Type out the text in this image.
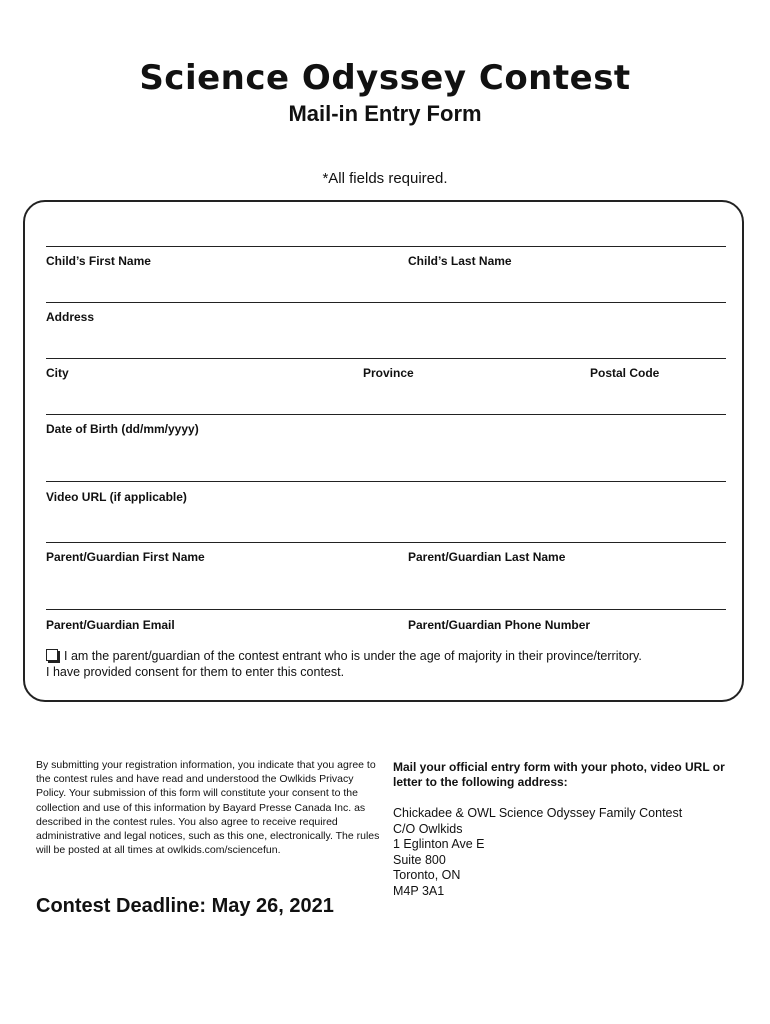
Science Odyssey Contest
Mail-in Entry Form
*All fields required.
Child’s First Name	Child’s Last Name
Address
City	Province	Postal Code
Date of Birth (dd/mm/yyyy)
Video URL (if applicable)
Parent/Guardian First Name	Parent/Guardian Last Name
Parent/Guardian Email	Parent/Guardian Phone Number
I am the parent/guardian of the contest entrant who is under the age of majority in their province/territory.
I have provided consent for them to enter this contest.
By submitting your registration information, you indicate that you agree to the contest rules and have read and understood the Owlkids Privacy Policy. Your submission of this form will constitute your consent to the collection and use of this information by Bayard Presse Canada Inc. as described in the contest rules. You also agree to receive required administrative and legal notices, such as this one, electronically. The rules will be posted at all times at owlkids.com/sciencefun.
Contest Deadline: May 26, 2021
Mail your official entry form with your photo, video URL or letter to the following address:
Chickadee & OWL Science Odyssey Family Contest
C/O Owlkids
1 Eglinton Ave E
Suite 800
Toronto, ON
M4P 3A1
